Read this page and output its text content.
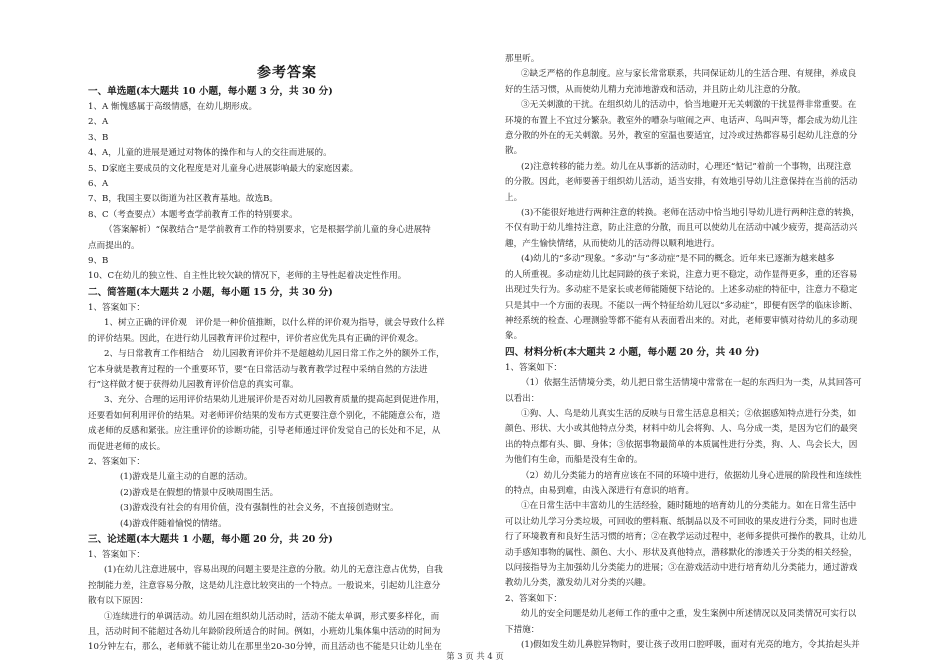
参考答案
一、单选题(本大题共 10 小题，每小题 3 分，共 30 分)
1、A 惭愧感属于高级情感，在幼儿期形成。
2、A
3、B
4、A，儿童的进展是通过对物体的操作和与人的交往而进展的。
5、D家庭主要成员的文化程度是对儿童身心进展影响最大的家庭因素。
6、A
7、B，我国主要以街道为社区教育基地。故选B。
8、C（考查要点）本题考查学前教育工作的特别要求。
（答案解析）“保教结合”是学前教育工作的特别要求，它是根据学前儿童的身心进展特
点而提出的。
9、B
10、C在幼儿的独立性、自主性比较欠缺的情况下，老师的主导性起着决定性作用。
二、简答题(本大题共 2 小题，每小题 15 分，共 30 分)
1、答案如下：
1、树立正确的评价观　评价是一种价值推断，以什么样的评价观为指导，就会导致什么样
的评价结果。因此，在进行幼儿园教育评价过程中，评价者应优先具有正确的评价观念。
2、与日常教育工作相结合　幼儿园教育评价并不是超越幼儿园日常工作之外的额外工作，
它本身就是教育过程的一个重要环节，要“在日常活动与教育教学过程中采纳自然的方法进
行”这样做才便于获得幼儿园教育评价信息的真实可靠。
3、充分、合理的运用评价结果幼儿进展评价是否对幼儿园教育质量的提高起到促进作用，
还要看如何利用评价的结果。对老师评价结果的发布方式更要注意个别化，不能随意公布，造
成老师的反感和紧张。应注重评价的诊断功能，引导老师通过评价发觉自己的长处和不足，从
而促进老师的成长。
2、答案如下：
(1)游戏是儿童主动的自愿的活动。
(2)游戏是在假想的情景中反映周围生活。
(3)游戏没有社会的有用价值，没有强制性的社会义务，不直接创造财宝。
(4)游戏伴随着愉悦的情绪。
三、论述题(本大题共 1 小题，每小题 20 分，共 20 分)
1、答案如下：
(1)在幼儿注意进展中，容易出现的问题主要是注意的分散。幼儿的无意注意占优势，自我
控制能力差，注意容易分散，这是幼儿注意比较突出的一个特点。一般说来，引起幼儿注意分
散有以下原因：
①连续进行的单调活动。幼儿园在组织幼儿活动时，活动不能太单调，形式要多样化，而
且，活动时间不能超过各幼儿年龄阶段所适合的时间。例如，小班幼儿集体集中活动的时间为
10分钟左右，那么，老师就不能让幼儿在那里坐20-30分钟，而且活动也不能是只让幼儿坐在
那里听。
②缺乏严格的作息制度。应与家长常常联系，共同保证幼儿的生活合理、有规律，养成良
好的生活习惯，从而使幼儿精力充沛地游戏和活动，并且防止幼儿注意的分散。
③无关刺激的干扰。在组织幼儿的活动中，恰当地避开无关刺激的干扰显得非常重要。在
环境的布置上不宜过分繁杂。教室外的嘈杂与喧闹之声、电话声、鸟叫声等，都会成为幼儿注
意分散的外在的无关刺激。另外，教室的室温也要适宜，过冷或过热都容易引起幼儿注意的分
散。
(2)注意转移的能力差。幼儿在从事新的活动时，心理还“惦记”着前一个事物，出现注意
的分散。因此，老师要善于组织幼儿活动，适当安排，有效地引导幼儿注意保持在当前的活动
上。
(3)不能很好地进行两种注意的转换。老师在活动中恰当地引导幼儿进行两种注意的转换，
不仅有助于幼儿维持注意，防止注意的分散，而且可以使幼儿在活动中减少疲劳，提高活动兴
趣，产生愉快情绪，从而使幼儿的活动得以顺利地进行。
(4)幼儿的“多动”现象。“多动”与“多动症”是不同的概念。近年来已逐渐为越来越多
的人所重视。多动症幼儿比起同龄的孩子来说，注意力更不稳定，动作显得更多，重的还容易
出现过失行为。多动症不是家长或老师能随便下结论的。上述多动症的特征中，注意力不稳定
只是其中一个方面的表现。不能以一两个特征给幼儿冠以“多动症”，即便有医学的临床诊断、
神经系统的检查、心理测验等都不能有从表面看出来的。对此，老师要审慎对待幼儿的多动现
象。
四、材料分析(本大题共 2 小题，每小题 20 分，共 40 分)
1、答案如下：
（1）依据生活情境分类，幼儿把日常生活情境中常常在一起的东西归为一类，从其回答可
以看出：
①狗、人、鸟是幼儿真实生活的反映与日常生活息息相关；②依据感知特点进行分类，如
颜色、形状、大小或其他特点分类，材料中幼儿会将狗、人、鸟分成一类，是因为它们的最突
出的特点都有头、脚、身体；③依据事物最简单的本质属性进行分类，狗、人、鸟会长大，因
为他们有生命，而船是没有生命的。
（2）幼儿分类能力的培育应该在不同的环境中进行，依据幼儿身心进展的阶段性和连续性
的特点，由易到难，由浅入深进行有意识的培育。
①在日常生活中丰富幼儿的生活经验，随时随地的培育幼儿的分类能力。如在日常生活中
可以让幼儿学习分类垃圾，可回收的塑料瓶、纸制品以及不可回收的果皮进行分类，同时也进
行了环境教育和良好生活习惯的培育；②在教学运动过程中，老师多提供可操作的教具，让幼儿
动手感知事物的属性、颜色、大小、形状及真他特点，潜移默化的渗透关于分类的相关经验，
以问接指导为主加强幼儿分类能力的进展；③在游戏活动中进行培育幼儿分类能力，通过游戏
教幼儿分类，激发幼儿对分类的兴趣。
2、答案如下：
幼儿的安全问题是幼儿老师工作的重中之重，发生案例中所述情况以及同类情况可实行以
下措施：
(1)假如发生幼儿鼻腔异物时，要让孩子改用口腔呼吸，面对有光亮的地方，令其抬起头并
第 3 页 共 4 页
